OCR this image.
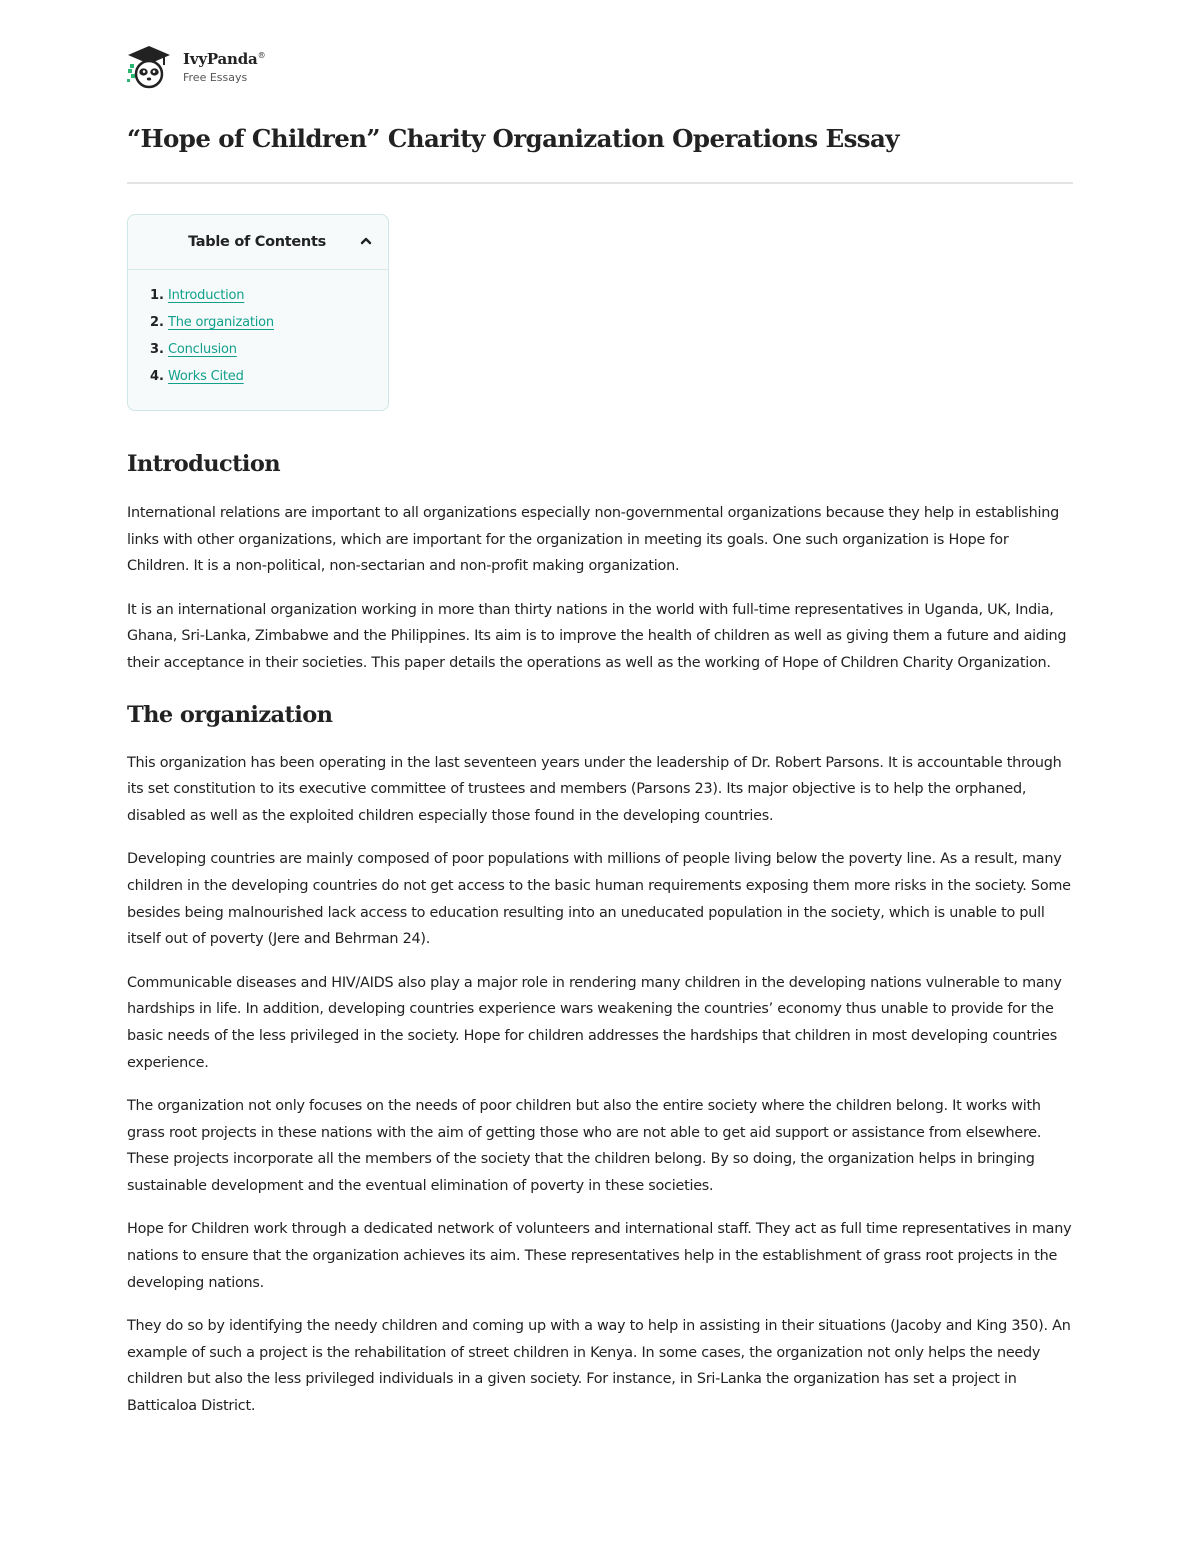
IvyPanda®
Free Essays
“Hope of Children” Charity Organization Operations Essay
Table of Contents
1. Introduction
2. The organization
3. Conclusion
4. Works Cited
Introduction

International relations are important to all organizations especially non-governmental organizations because they help in establishing links with other organizations, which are important for the organization in meeting its goals. One such organization is Hope for Children. It is a non-political, non-sectarian and non-profit making organization.

It is an international organization working in more than thirty nations in the world with full-time representatives in Uganda, UK, India, Ghana, Sri-Lanka, Zimbabwe and the Philippines. Its aim is to improve the health of children as well as giving them a future and aiding their acceptance in their societies. This paper details the operations as well as the working of Hope of Children Charity Organization.

The organization

This organization has been operating in the last seventeen years under the leadership of Dr. Robert Parsons. It is accountable through its set constitution to its executive committee of trustees and members (Parsons 23). Its major objective is to help the orphaned, disabled as well as the exploited children especially those found in the developing countries.

Developing countries are mainly composed of poor populations with millions of people living below the poverty line. As a result, many children in the developing countries do not get access to the basic human requirements exposing them more risks in the society. Some besides being malnourished lack access to education resulting into an uneducated population in the society, which is unable to pull itself out of poverty (Jere and Behrman 24).

Communicable diseases and HIV/AIDS also play a major role in rendering many children in the developing nations vulnerable to many hardships in life. In addition, developing countries experience wars weakening the countries’ economy thus unable to provide for the basic needs of the less privileged in the society. Hope for children addresses the hardships that children in most developing countries experience.

The organization not only focuses on the needs of poor children but also the entire society where the children belong. It works with grass root projects in these nations with the aim of getting those who are not able to get aid support or assistance from elsewhere. These projects incorporate all the members of the society that the children belong. By so doing, the organization helps in bringing sustainable development and the eventual elimination of poverty in these societies.

Hope for Children work through a dedicated network of volunteers and international staff. They act as full time representatives in many nations to ensure that the organization achieves its aim. These representatives help in the establishment of grass root projects in the developing nations.

They do so by identifying the needy children and coming up with a way to help in assisting in their situations (Jacoby and King 350). An example of such a project is the rehabilitation of street children in Kenya. In some cases, the organization not only helps the needy children but also the less privileged individuals in a given society. For instance, in Sri-Lanka the organization has set a project in Batticaloa District.
